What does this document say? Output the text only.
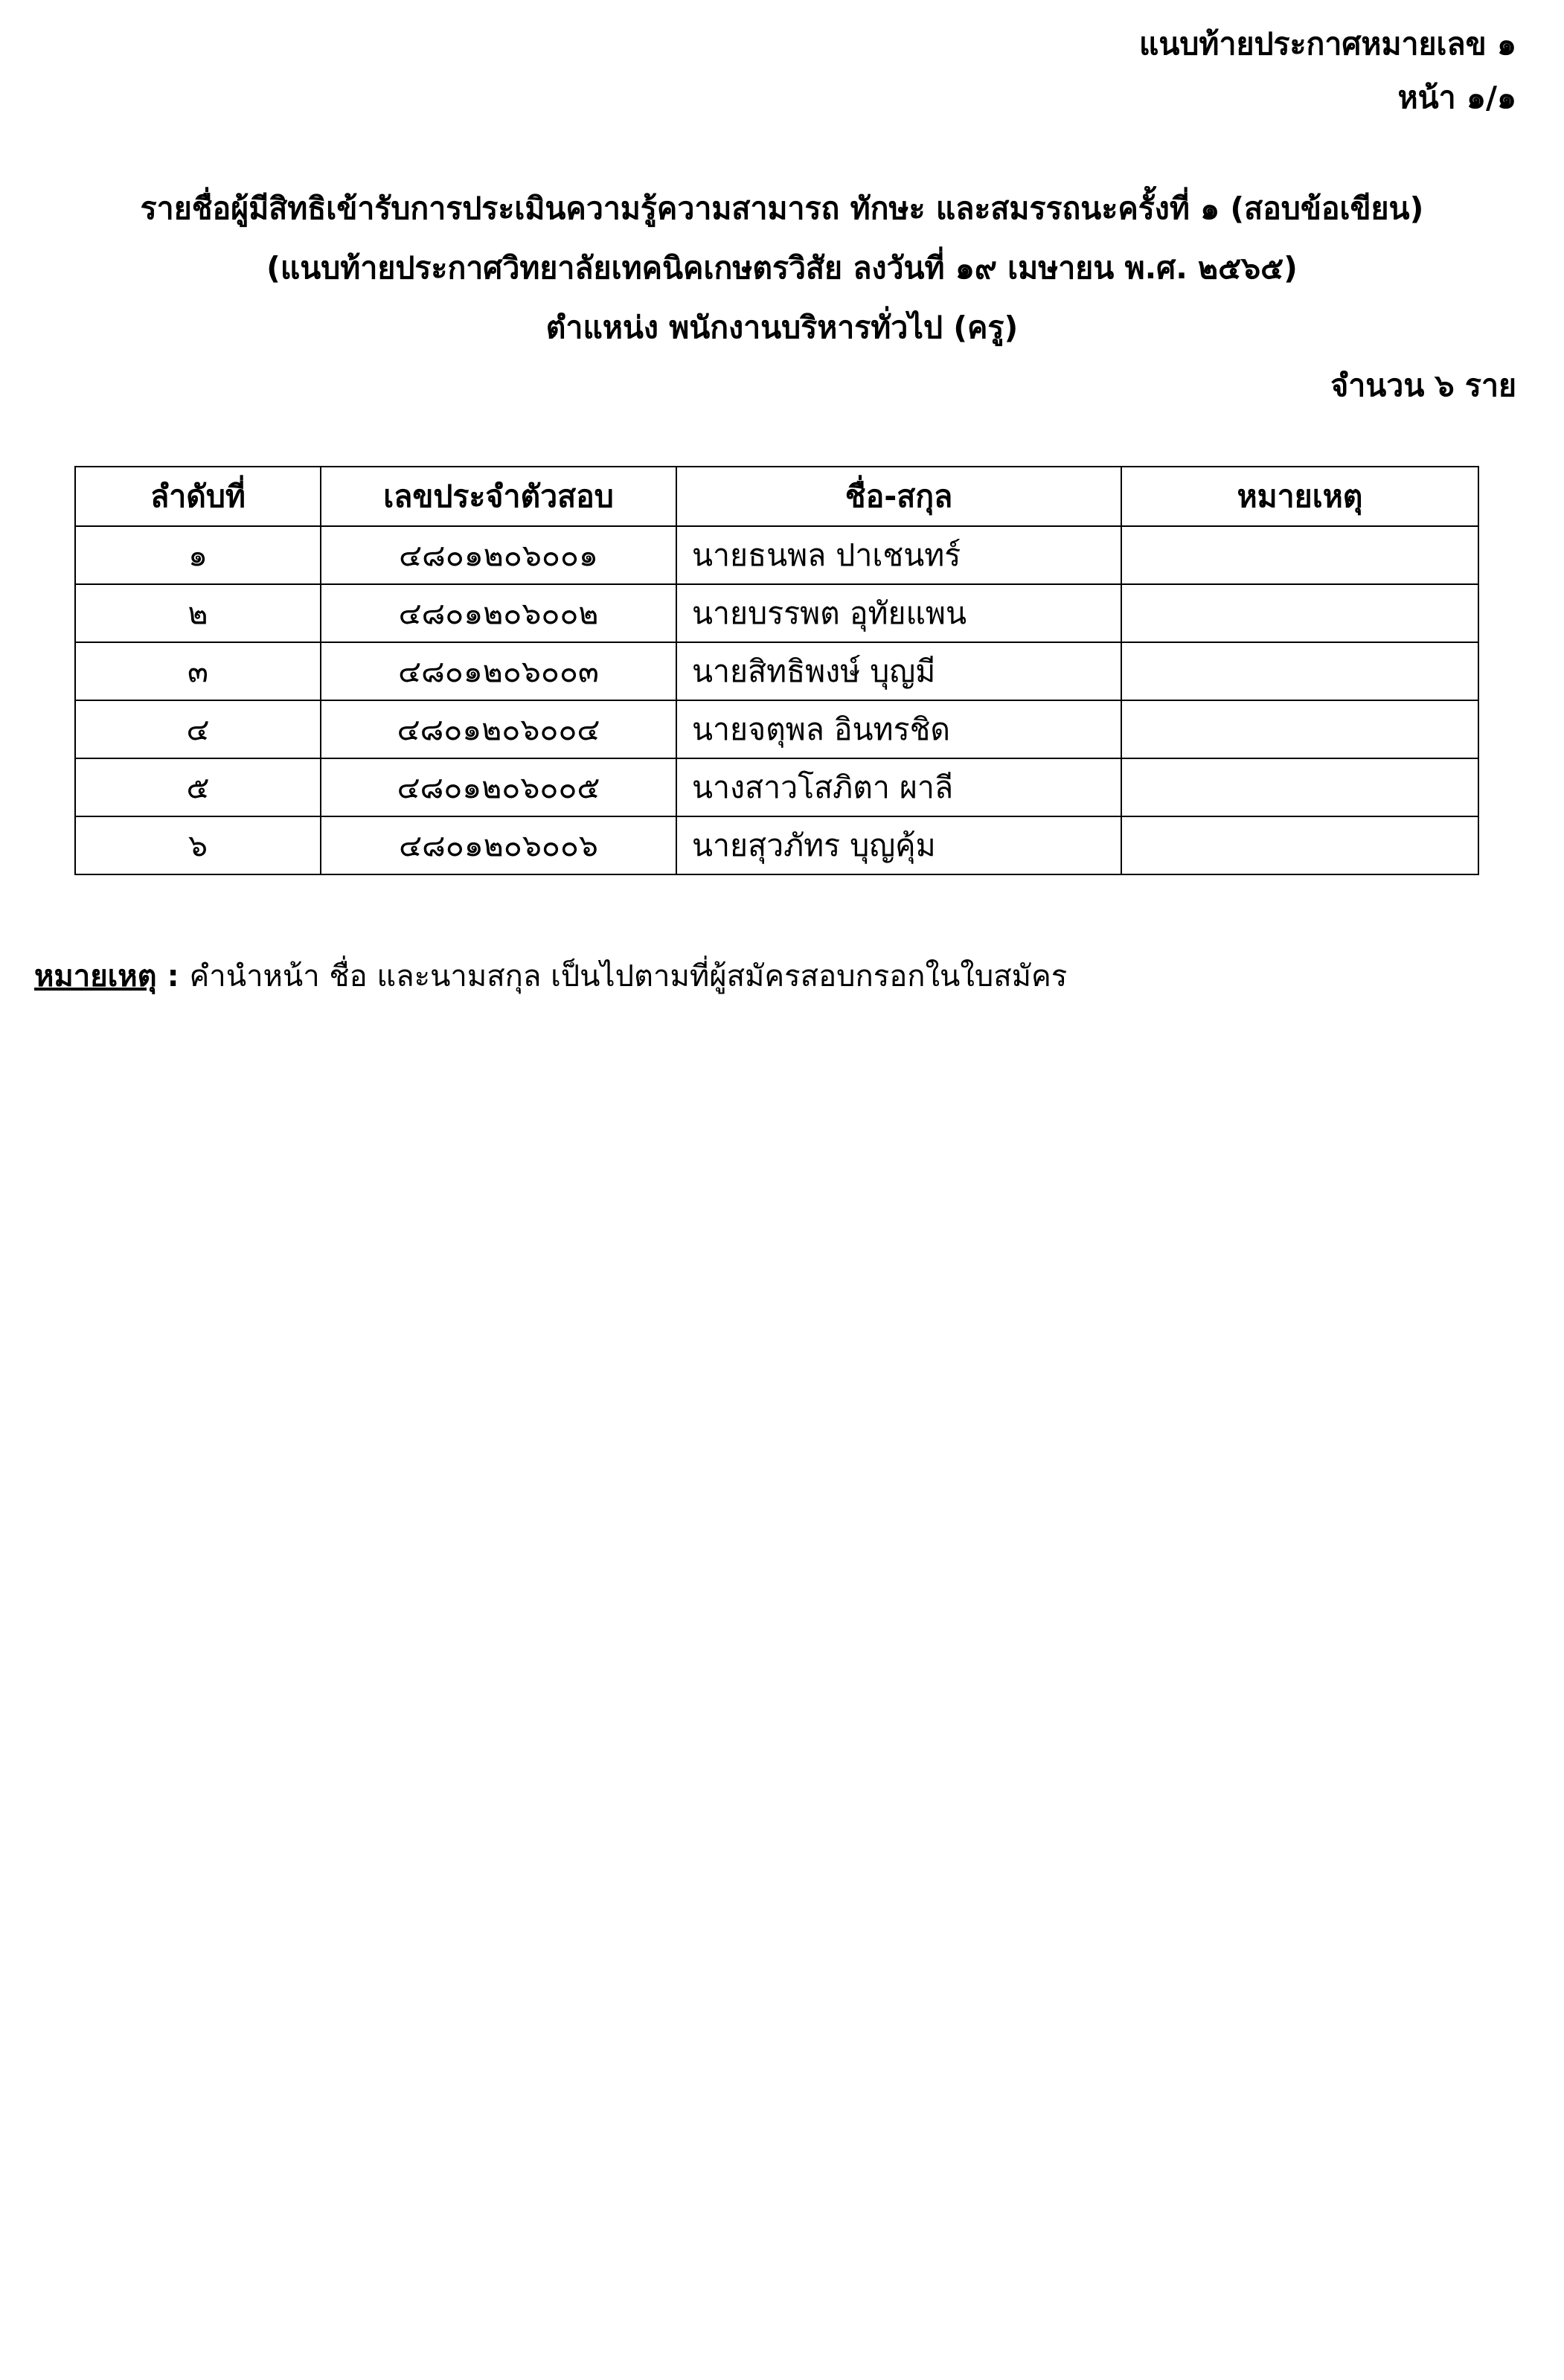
แนบท้ายประกาศหมายเลข ๑
หน้า ๑/๑
รายชื่อผู้มีสิทธิเข้ารับการประเมินความรู้ความสามารถ ทักษะ และสมรรถนะครั้งที่ ๑ (สอบข้อเขียน)
(แนบท้ายประกาศวิทยาลัยเทคนิคเกษตรวิสัย ลงวันที่ ๑๙ เมษายน พ.ศ. ๒๕๖๕)
ตำแหน่ง พนักงานบริหารทั่วไป (ครู)
จำนวน ๖ ราย
ลำดับที่	เลขประจำตัวสอบ	ชื่อ-สกุล	หมายเหตุ
๑	๔๘๐๑๒๐๖๐๐๑	นายธนพล ปาเชนทร์	
๒	๔๘๐๑๒๐๖๐๐๒	นายบรรพต อุทัยแพน	
๓	๔๘๐๑๒๐๖๐๐๓	นายสิทธิพงษ์ บุญมี	
๔	๔๘๐๑๒๐๖๐๐๔	นายจตุพล อินทรชิด	
๕	๔๘๐๑๒๐๖๐๐๕	นางสาวโสภิตา ผาลี	
๖	๔๘๐๑๒๐๖๐๐๖	นายสุวภัทร บุญคุ้ม	
หมายเหตุ : คำนำหน้า ชื่อ และนามสกุล เป็นไปตามที่ผู้สมัครสอบกรอกในใบสมัคร
